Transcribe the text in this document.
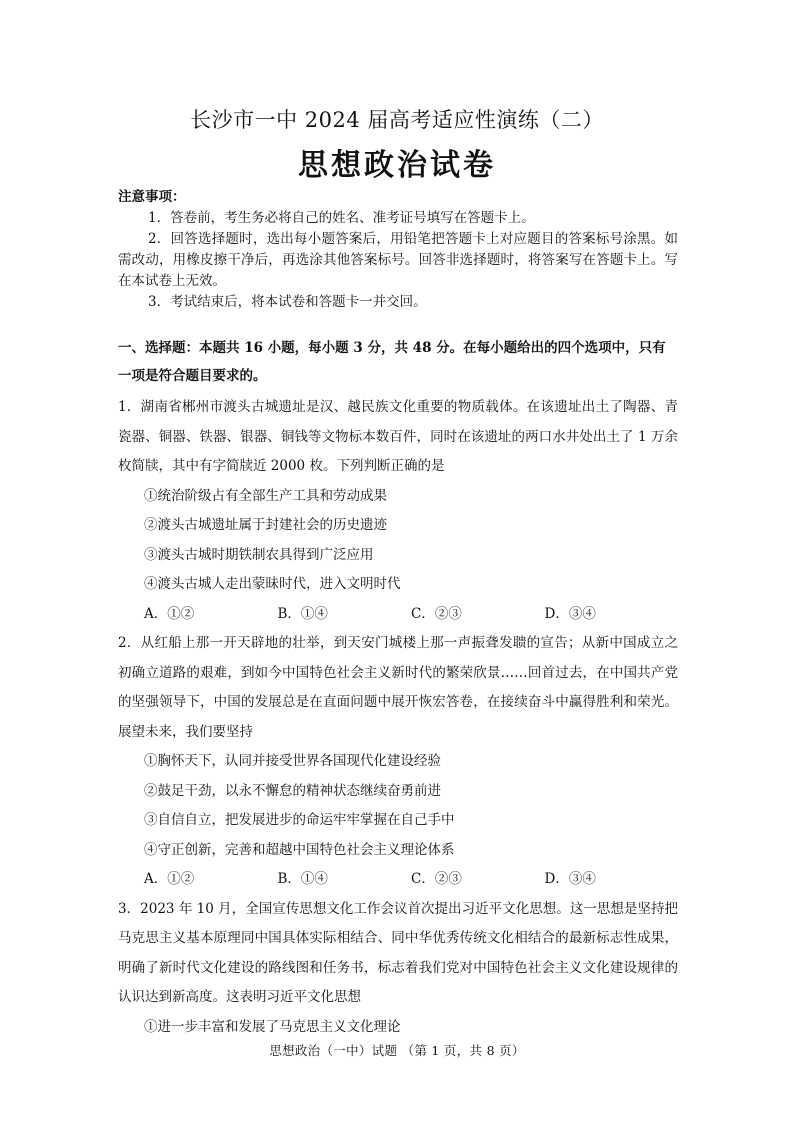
长沙市一中 2024 届高考适应性演练（二）
思想政治试卷
注意事项：
1．答卷前，考生务必将自己的姓名、准考证号填写在答题卡上。
2．回答选择题时，选出每小题答案后，用铅笔把答题卡上对应题目的答案标号涂黑。如需改动，用橡皮擦干净后，再选涂其他答案标号。回答非选择题时，将答案写在答题卡上。写在本试卷上无效。
3．考试结束后，将本试卷和答题卡一并交回。
一、选择题：本题共 16 小题，每小题 3 分，共 48 分。在每小题给出的四个选项中，只有一项是符合题目要求的。
1．湖南省郴州市渡头古城遗址是汉、越民族文化重要的物质载体。在该遗址出土了陶器、青瓷器、铜器、铁器、银器、铜钱等文物标本数百件，同时在该遗址的两口水井处出土了 1 万余枚简牍，其中有字简牍近 2000 枚。下列判断正确的是
①统治阶级占有全部生产工具和劳动成果
②渡头古城遗址属于封建社会的历史遗迹
③渡头古城时期铁制农具得到广泛应用
④渡头古城人走出蒙昧时代，进入文明时代
A．①②	B．①④	C．②③	D．③④
2．从红船上那一开天辟地的壮举，到天安门城楼上那一声振聋发聩的宣告；从新中国成立之初确立道路的艰难，到如今中国特色社会主义新时代的繁荣欣景……回首过去，在中国共产党的坚强领导下，中国的发展总是在直面问题中展开恢宏答卷，在接续奋斗中赢得胜利和荣光。展望未来，我们要坚持
①胸怀天下，认同并接受世界各国现代化建设经验
②鼓足干劲，以永不懈怠的精神状态继续奋勇前进
③自信自立，把发展进步的命运牢牢掌握在自己手中
④守正创新，完善和超越中国特色社会主义理论体系
A．①②	B．①④	C．②③	D．③④
3．2023 年 10 月，全国宣传思想文化工作会议首次提出习近平文化思想。这一思想是坚持把马克思主义基本原理同中国具体实际相结合、同中华优秀传统文化相结合的最新标志性成果，明确了新时代文化建设的路线图和任务书，标志着我们党对中国特色社会主义文化建设规律的认识达到新高度。这表明习近平文化思想
①进一步丰富和发展了马克思主义文化理论
思想政治（一中）试题 （第 1 页，共 8 页）
